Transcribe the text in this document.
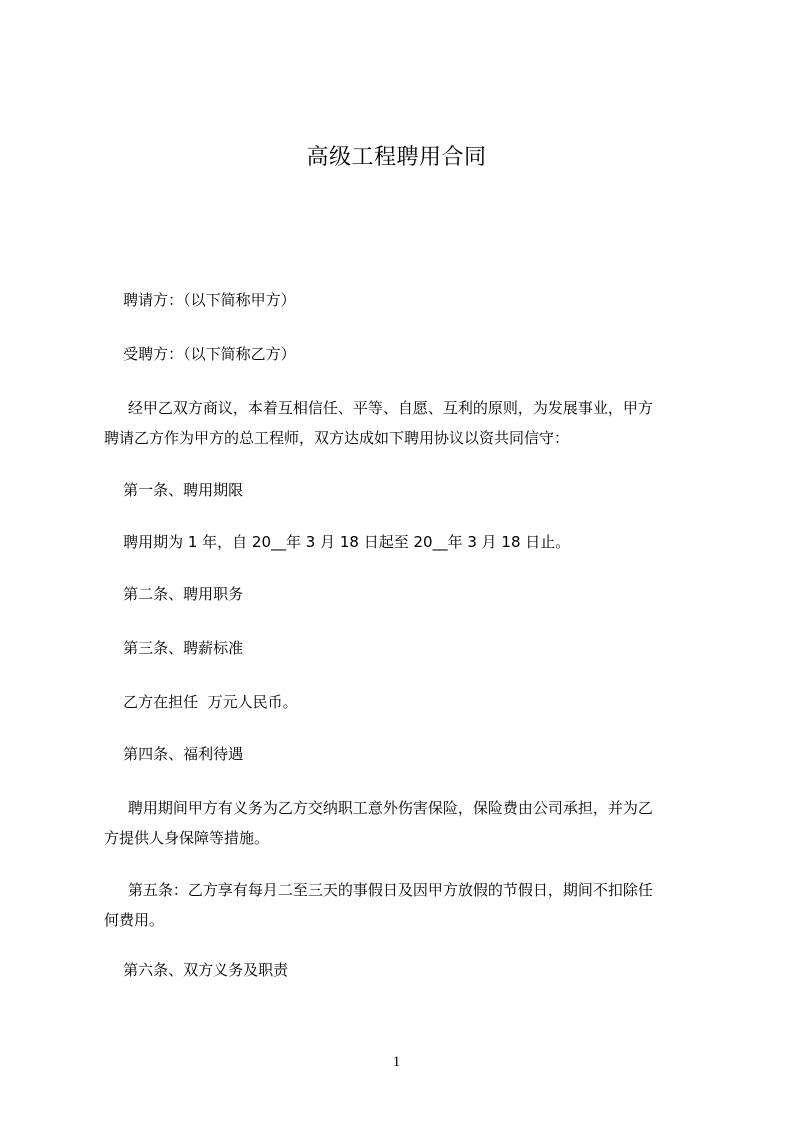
高级工程聘用合同
聘请方：（以下简称甲方）
受聘方：（以下简称乙方）
经甲乙双方商议，本着互相信任、平等、自愿、互利的原则，为发展事业，甲方
聘请乙方作为甲方的总工程师，双方达成如下聘用协议以资共同信守：
第一条、聘用期限
聘用期为 1 年，自 20__年 3 月 18 日起至 20__年 3 月 18 日止。
第二条、聘用职务
第三条、聘薪标准
乙方在担任  万元人民币。
第四条、福利待遇
聘用期间甲方有义务为乙方交纳职工意外伤害保险，保险费由公司承担，并为乙
方提供人身保障等措施。
第五条：乙方享有每月二至三天的事假日及因甲方放假的节假日，期间不扣除任
何费用。
第六条、双方义务及职责
1
